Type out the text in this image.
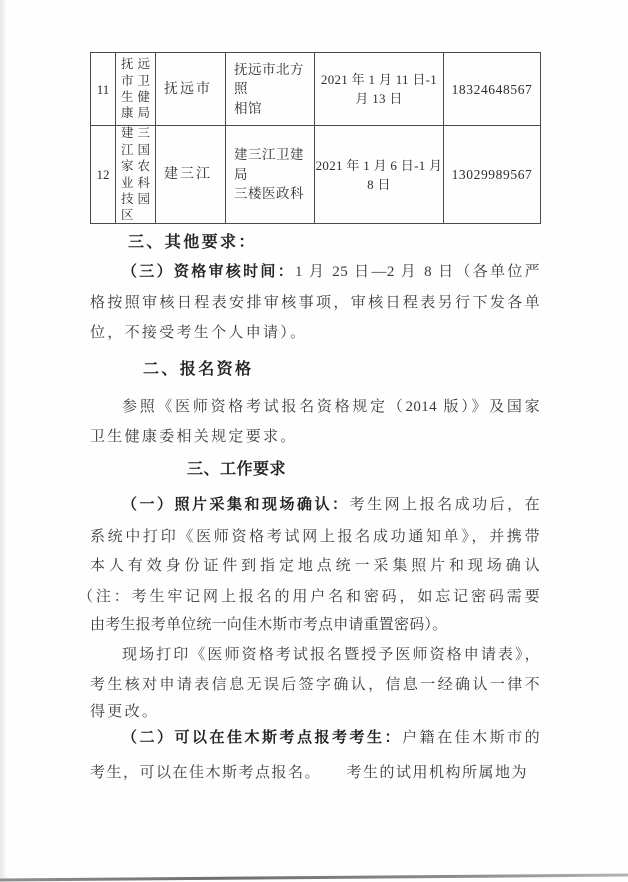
11
抚 远
市 卫
生 健
康 局
抚远市
抚远市北方照
相馆
2021 年 1 月 11 日-1
月 13 日
18324648567
12
建 三
江 国
家 农
业 科
技 园
区
建三江
建三江卫建局
三楼医政科
2021 年 1 月 6 日-1 月
8 日
13029989567
三、其他要求：
（三）资格审核时间：1 月 25 日—2 月 8 日（各单位严
格按照审核日程表安排审核事项，审核日程表另行下发各单
位，不接受考生个人申请）。
二、报名资格
参照《医师资格考试报名资格规定（2014 版）》及国家
卫生健康委相关规定要求。
三、工作要求
（一）照片采集和现场确认：考生网上报名成功后，在
系统中打印《医师资格考试网上报名成功通知单》，并携带
本人有效身份证件到指定地点统一采集照片和现场确认
（注：考生牢记网上报名的用户名和密码，如忘记密码需要
由考生报考单位统一向佳木斯市考点申请重置密码）。
现场打印《医师资格考试报名暨授予医师资格申请表》，
考生核对申请表信息无误后签字确认，信息一经确认一律不
得更改。
（二）可以在佳木斯考点报考考生：户籍在佳木斯市的
考生，可以在佳木斯考点报名。　　考生的试用机构所属地为
